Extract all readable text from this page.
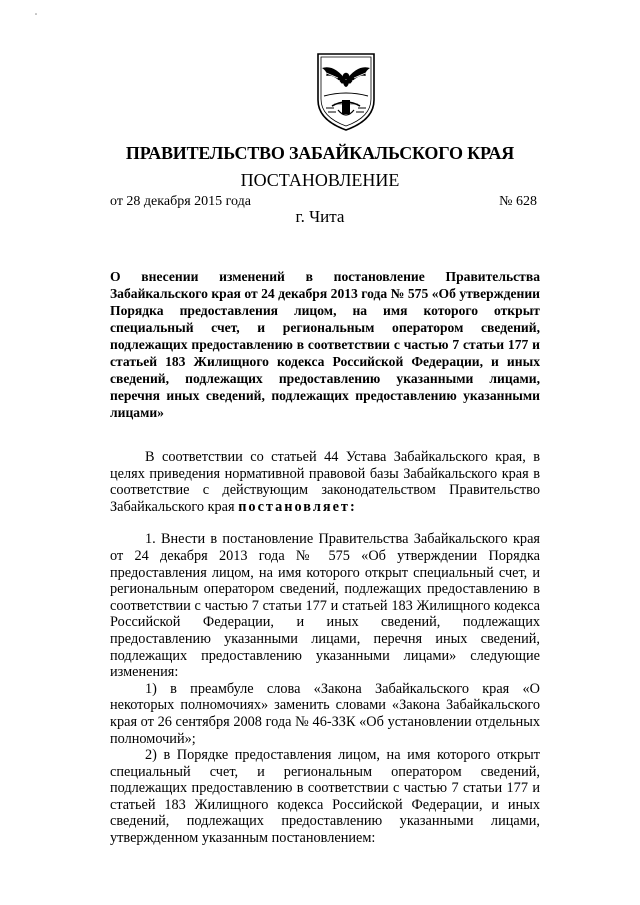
ПРАВИТЕЛЬСТВО ЗАБАЙКАЛЬСКОГО КРАЯ
ПОСТАНОВЛЕНИЕ
от 28 декабря 2015 года	№ 628
г. Чита
О внесении изменений в постановление Правительства Забайкальского края от 24 декабря 2013 года № 575 «Об утверждении Порядка предоставления лицом, на имя которого открыт специальный счет, и региональным оператором сведений, подлежащих предоставлению в соответствии с частью 7 статьи 177 и статьей 183 Жилищного кодекса Российской Федерации, и иных сведений, подлежащих предоставлению указанными лицами, перечня иных сведений, подлежащих предоставлению указанными лицами»

В соответствии со статьей 44 Устава Забайкальского края, в целях приведения нормативной правовой базы Забайкальского края в соответствие с действующим законодательством Правительство Забайкальского края постановляет:

1. Внести в постановление Правительства Забайкальского края от 24 декабря 2013 года № 575 «Об утверждении Порядка предоставления лицом, на имя которого открыт специальный счет, и региональным оператором сведений, подлежащих предоставлению в соответствии с частью 7 статьи 177 и статьей 183 Жилищного кодекса Российской Федерации, и иных сведений, подлежащих предоставлению указанными лицами, перечня иных сведений, подлежащих предоставлению указанными лицами» следующие изменения:

1) в преамбуле слова «Закона Забайкальского края «О некоторых полномочиях» заменить словами «Закона Забайкальского края от 26 сентября 2008 года № 46-ЗЗК «Об установлении отдельных полномочий»;

2) в Порядке предоставления лицом, на имя которого открыт специальный счет, и региональным оператором сведений, подлежащих предоставлению в соответствии с частью 7 статьи 177 и статьей 183 Жилищного кодекса Российской Федерации, и иных сведений, подлежащих предоставлению указанными лицами, утвержденном указанным постановлением:
